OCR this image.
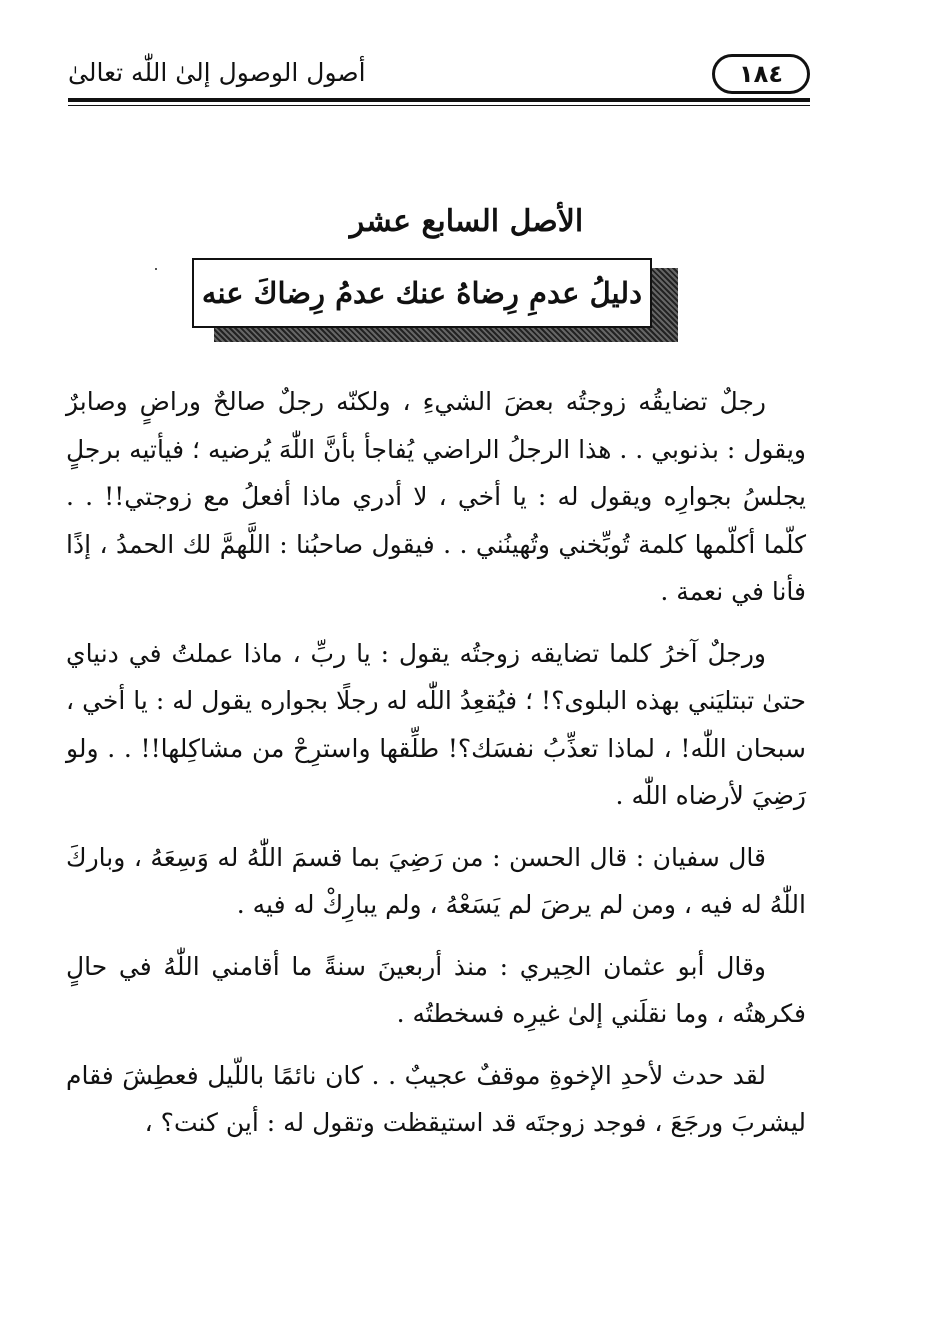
١٨٤
أصول الوصول إلىٰ اللّٰه تعالىٰ
الأصل السابع عشر
دليلُ عدمِ رِضاهُ عنك عدمُ رِضاكَ عنه

رجلٌ تضايقُه زوجتُه بعضَ الشيءِ ، ولكنّه رجلٌ صالحٌ وراضٍ وصابرٌ ويقول : بذنوبي . . هذا الرجلُ الراضي يُفاجأ بأنَّ اللّٰهَ يُرضيه ؛ فيأتيه برجلٍ يجلسُ بجوارِه ويقول له : يا أخي ، لا أدري ماذا أفعلُ مع زوجتي!! . . كلّما أكلّمها كلمة تُوبِّخني وتُهينُني . . فيقول صاحبُنا : اللَّهمَّ لك الحمدُ ، إذًا فأنا في نعمة .

ورجلٌ آخرُ كلما تضايقه زوجتُه يقول : يا ربِّ ، ماذا عملتُ في دنياي حتىٰ تبتليَني بهذه البلوى؟! ؛ فيُقعِدُ اللّٰه له رجلًا بجواره يقول له : يا أخي ، سبحان اللّٰه! ، لماذا تعذِّبُ نفسَك؟! طلِّقها واسترِحْ من مشاكِلها!! . . ولو رَضِيَ لأرضاه اللّٰه .

قال سفيان : قال الحسن : من رَضِيَ بما قسمَ اللّٰهُ له وَسِعَهُ ، وباركَ اللّٰهُ له فيه ، ومن لم يرضَ لم يَسَعْهُ ، ولم يبارِكْ له فيه .

وقال أبو عثمان الحِيري : منذ أربعينَ سنةً ما أقامني اللّٰهُ في حالٍ فكرهتُه ، وما نقلَني إلىٰ غيرِه فسخطتُه .

لقد حدث لأحدِ الإخوةِ موقفٌ عجيبٌ . . كان نائمًا باللّيل فعطِشَ فقام ليشربَ ورجَعَ ، فوجد زوجتَه قد استيقظت وتقول له : أين كنت؟ ،
